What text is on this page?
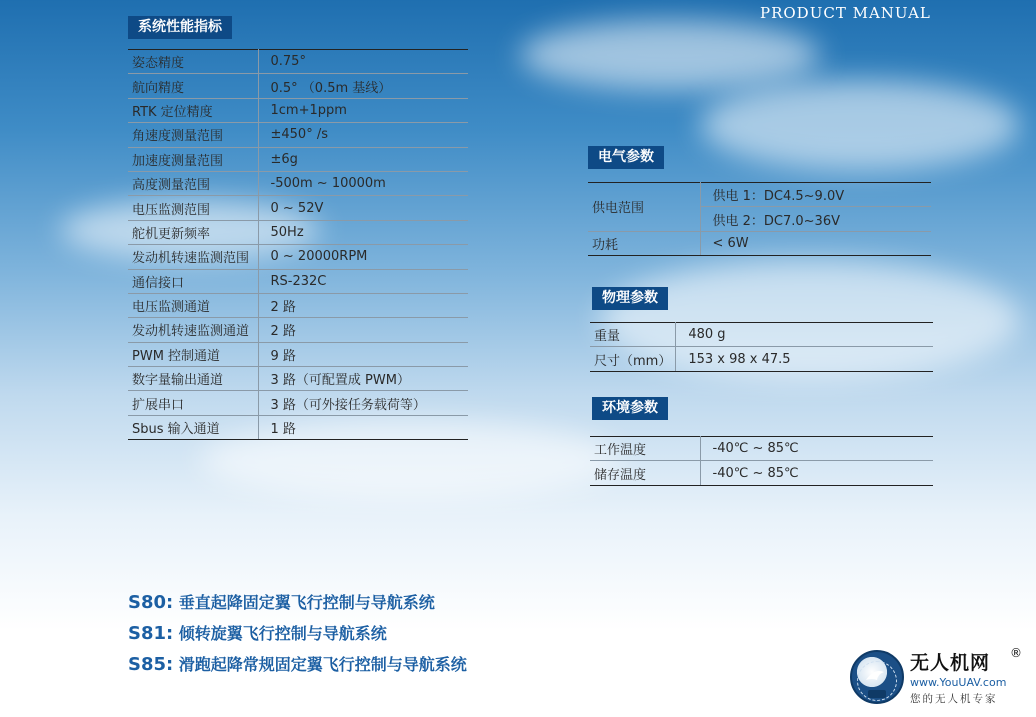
PRODUCT MANUAL
系统性能指标
姿态精度	0.75°
航向精度	0.5° （0.5m 基线）
RTK 定位精度	1cm+1ppm
角速度测量范围	±450° /s
加速度测量范围	±6g
高度测量范围	-500m ~ 10000m
电压监测范围	0 ~ 52V
舵机更新频率	50Hz
发动机转速监测范围	0 ~ 20000RPM
通信接口	RS-232C
电压监测通道	2 路
发动机转速监测通道	2 路
PWM 控制通道	9 路
数字量输出通道	3 路（可配置成 PWM）
扩展串口	3 路（可外接任务载荷等）
Sbus 输入通道	1 路
电气参数
供电范围	供电 1：DC4.5~9.0V
	供电 2：DC7.0~36V
功耗	< 6W
物理参数
重量	480 g
尺寸（mm）	153 x 98 x 47.5
环境参数
工作温度	-40℃ ~ 85℃
储存温度	-40℃ ~ 85℃
S80: 垂直起降固定翼飞行控制与导航系统
S81: 倾转旋翼飞行控制与导航系统
S85: 滑跑起降常规固定翼飞行控制与导航系统	无人机网 ®
www.YouUAV.com
您的无人机专家
